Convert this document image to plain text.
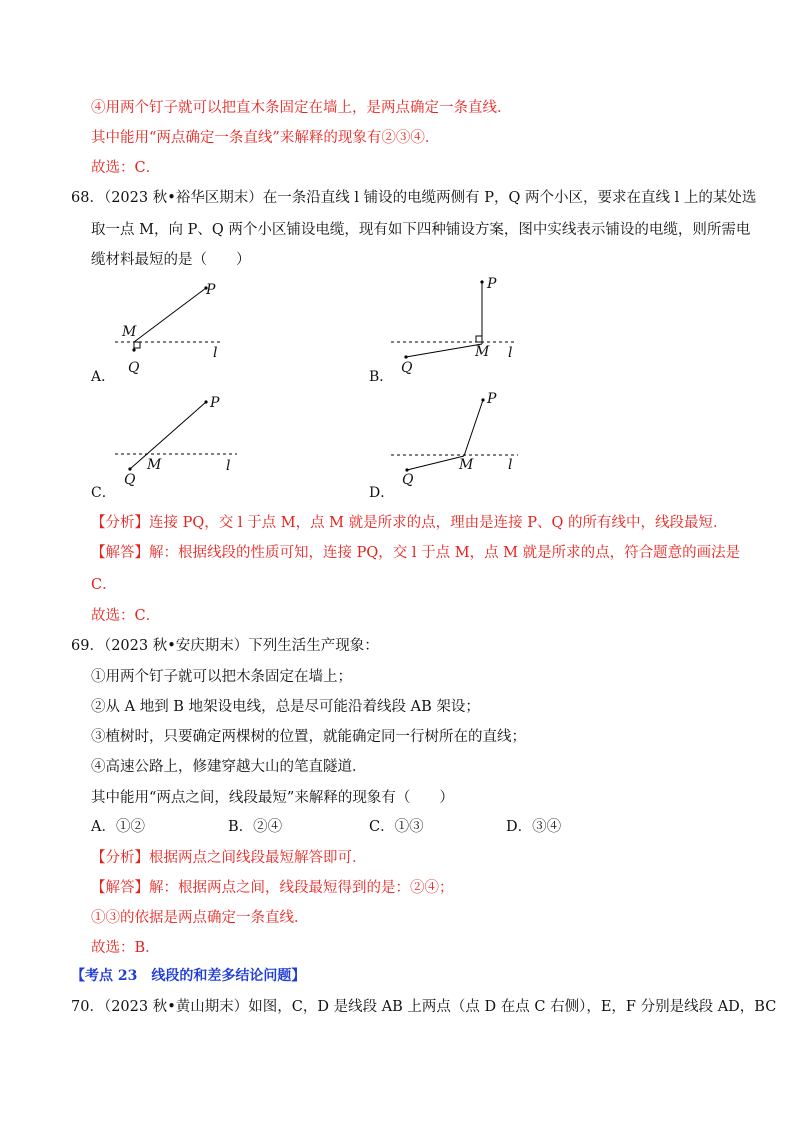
④用两个钉子就可以把直木条固定在墙上，是两点确定一条直线．
其中能用“两点确定一条直线”来解释的现象有②③④．
故选：C．
68．（2023 秋•裕华区期末）在一条沿直线 l 铺设的电缆两侧有 P，Q 两个小区，要求在直线 l 上的某处选
取一点 M，向 P、Q 两个小区铺设电缆，现有如下四种铺设方案，图中实线表示铺设的电缆，则所需电
缆材料最短的是（　　）
P
M
l
Q
A．
P
M l
Q
B．
P
M	l
Q
C．
P
M l
Q
D．
【分析】连接 PQ，交 l 于点 M，点 M 就是所求的点，理由是连接 P、Q 的所有线中，线段最短．
【解答】解：根据线段的性质可知，连接 PQ，交 l 于点 M，点 M 就是所求的点，符合题意的画法是
C．
故选：C．
69．（2023 秋•安庆期末）下列生活生产现象：
①用两个钉子就可以把木条固定在墙上；
②从 A 地到 B 地架设电线，总是尽可能沿着线段 AB 架设；
③植树时，只要确定两棵树的位置，就能确定同一行树所在的直线；
④高速公路上，修建穿越大山的笔直隧道．
其中能用“两点之间，线段最短”来解释的现象有（　　）
A．①②	B．②④	C．①③	D．③④
【分析】根据两点之间线段最短解答即可．
【解答】解：根据两点之间，线段最短得到的是：②④；
①③的依据是两点确定一条直线．
故选：B．
【考点 23　线段的和差多结论问题】
70．（2023 秋•黄山期末）如图，C，D 是线段 AB 上两点（点 D 在点 C 右侧），E，F 分别是线段 AD，BC
